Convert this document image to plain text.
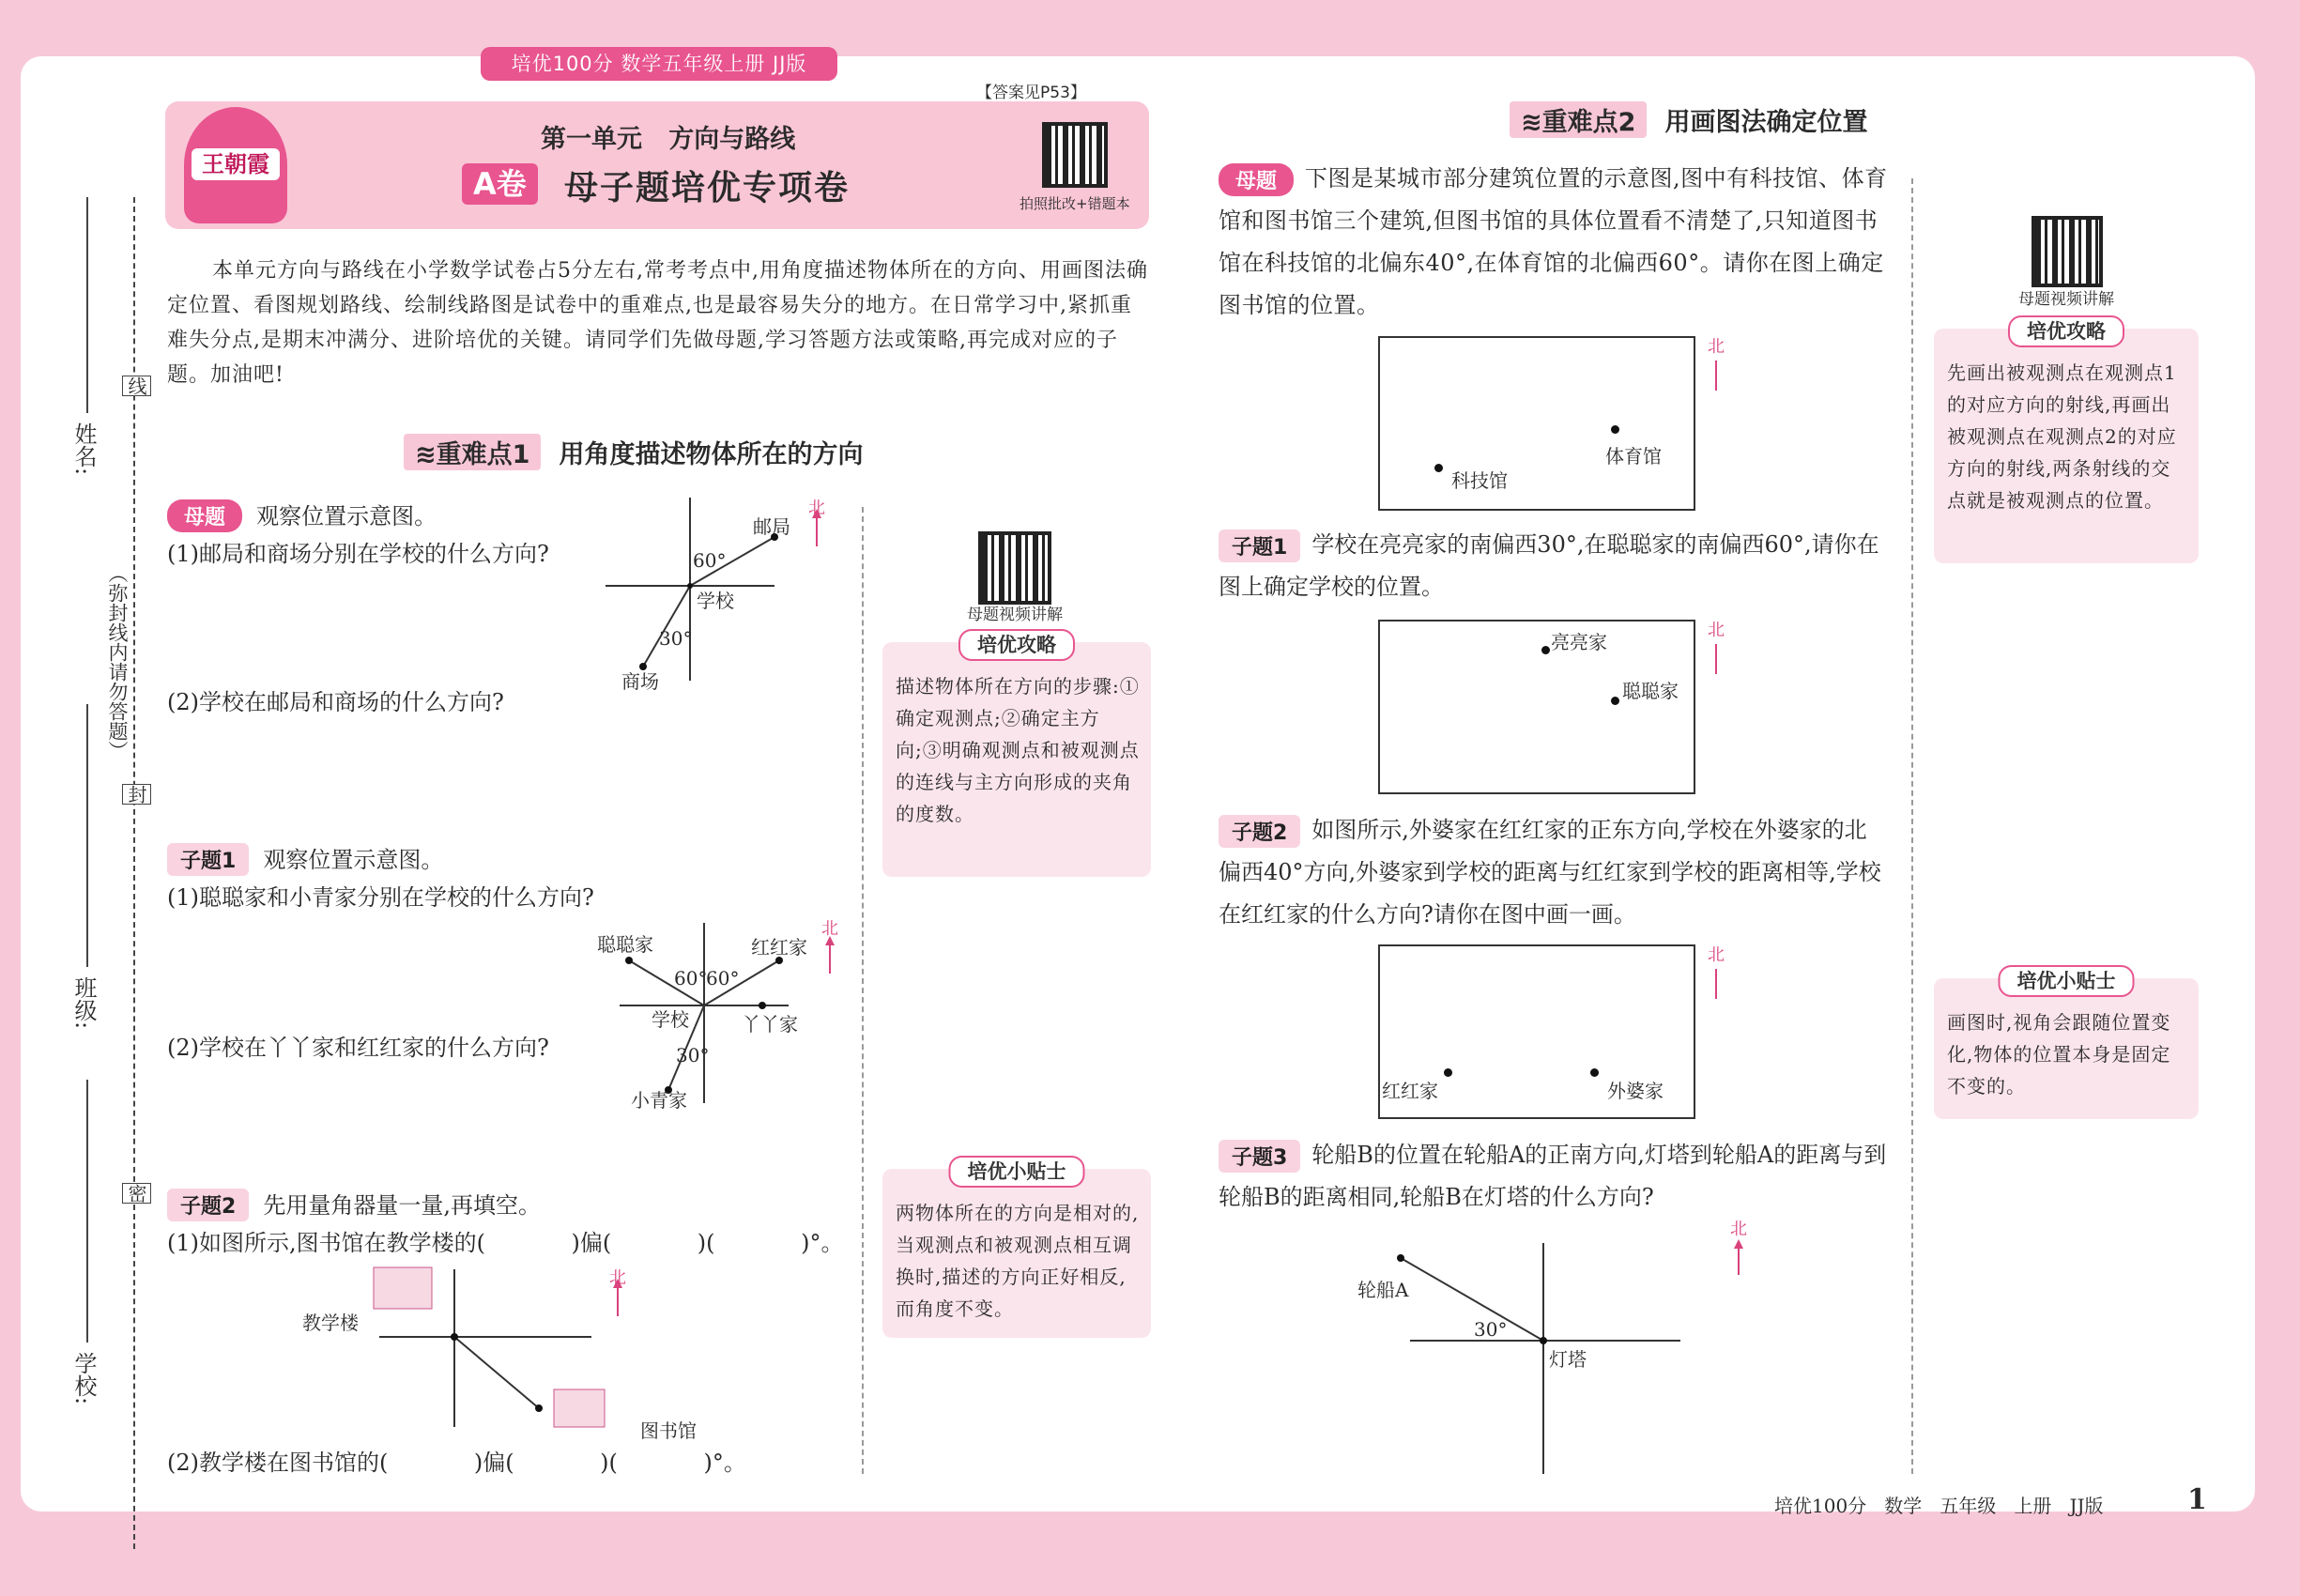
培优100分 数学五年级上册 JJ版
姓名:
班级:
学校:
（弥封线内请勿答题）
线
封
密
王朝霞
第一单元   方向与路线
A卷	母子题培优专项卷	拍照批改+错题本
【答案见P53】
本单元方向与路线在小学数学试卷占5分左右,常考考点中,用角度描述物体所在的方向、用画图法确定位置、看图规划路线、绘制线路图是试卷中的重难点,也是最容易失分的地方。在日常学习中,紧抓重难失分点,是期末冲满分、进阶培优的关键。请同学们先做母题,学习答题方法或策略,再完成对应的子题。加油吧!
≋重难点1 用角度描述物体所在的方向
母题 观察位置示意图。
(1)邮局和商场分别在学校的什么方向?
(2)学校在邮局和商场的什么方向?
邮局
60°
学校
30°
商场
北
子题1 观察位置示意图。
(1)聪聪家和小青家分别在学校的什么方向?
(2)学校在丫丫家和红红家的什么方向?
聪聪家	红红家
60°
60°
学校	丫丫家
30°
小青家
北
子题2 先用量角器量一量,再填空。
(1)如图所示,图书馆在教学楼的(            )偏(            )(            )°。
(2)教学楼在图书馆的(            )偏(            )(            )°。
教学楼
图书馆
北
母题视频讲解
培优攻略
描述物体所在方向的步骤:①确定观测点;②确定主方向;③明确观测点和被观测点的连线与主方向形成的夹角的度数。
培优小贴士
两物体所在的方向是相对的,当观测点和被观测点相互调换时,描述的方向正好相反,而角度不变。
≋重难点2 用画图法确定位置
母题	下图是某城市部分建筑位置的示意图,图中有科技馆、体育馆和图书馆三个建筑,但图书馆的具体位置看不清楚了,只知道图书馆在科技馆的北偏东40°,在体育馆的北偏西60°。请你在图上确定图书馆的位置。
科技馆
体育馆
北
子题1	学校在亮亮家的南偏西30°,在聪聪家的南偏西60°,请你在图上确定学校的位置。
亮亮家
聪聪家
北
子题2	如图所示,外婆家在红红家的正东方向,学校在外婆家的北偏西40°方向,外婆家到学校的距离与红红家到学校的距离相等,学校在红红家的什么方向?请你在图中画一画。
红红家	外婆家
北
子题3	轮船B的位置在轮船A的正南方向,灯塔到轮船A的距离与到轮船B的距离相同,轮船B在灯塔的什么方向?
轮船A
30°
灯塔
北
母题视频讲解
培优攻略
先画出被观测点在观测点1的对应方向的射线,再画出被观测点在观测点2的对应方向的射线,两条射线的交点就是被观测点的位置。
培优小贴士
画图时,视角会跟随位置变化,物体的位置本身是固定不变的。
培优100分   数学   五年级   上册   JJ版	1
